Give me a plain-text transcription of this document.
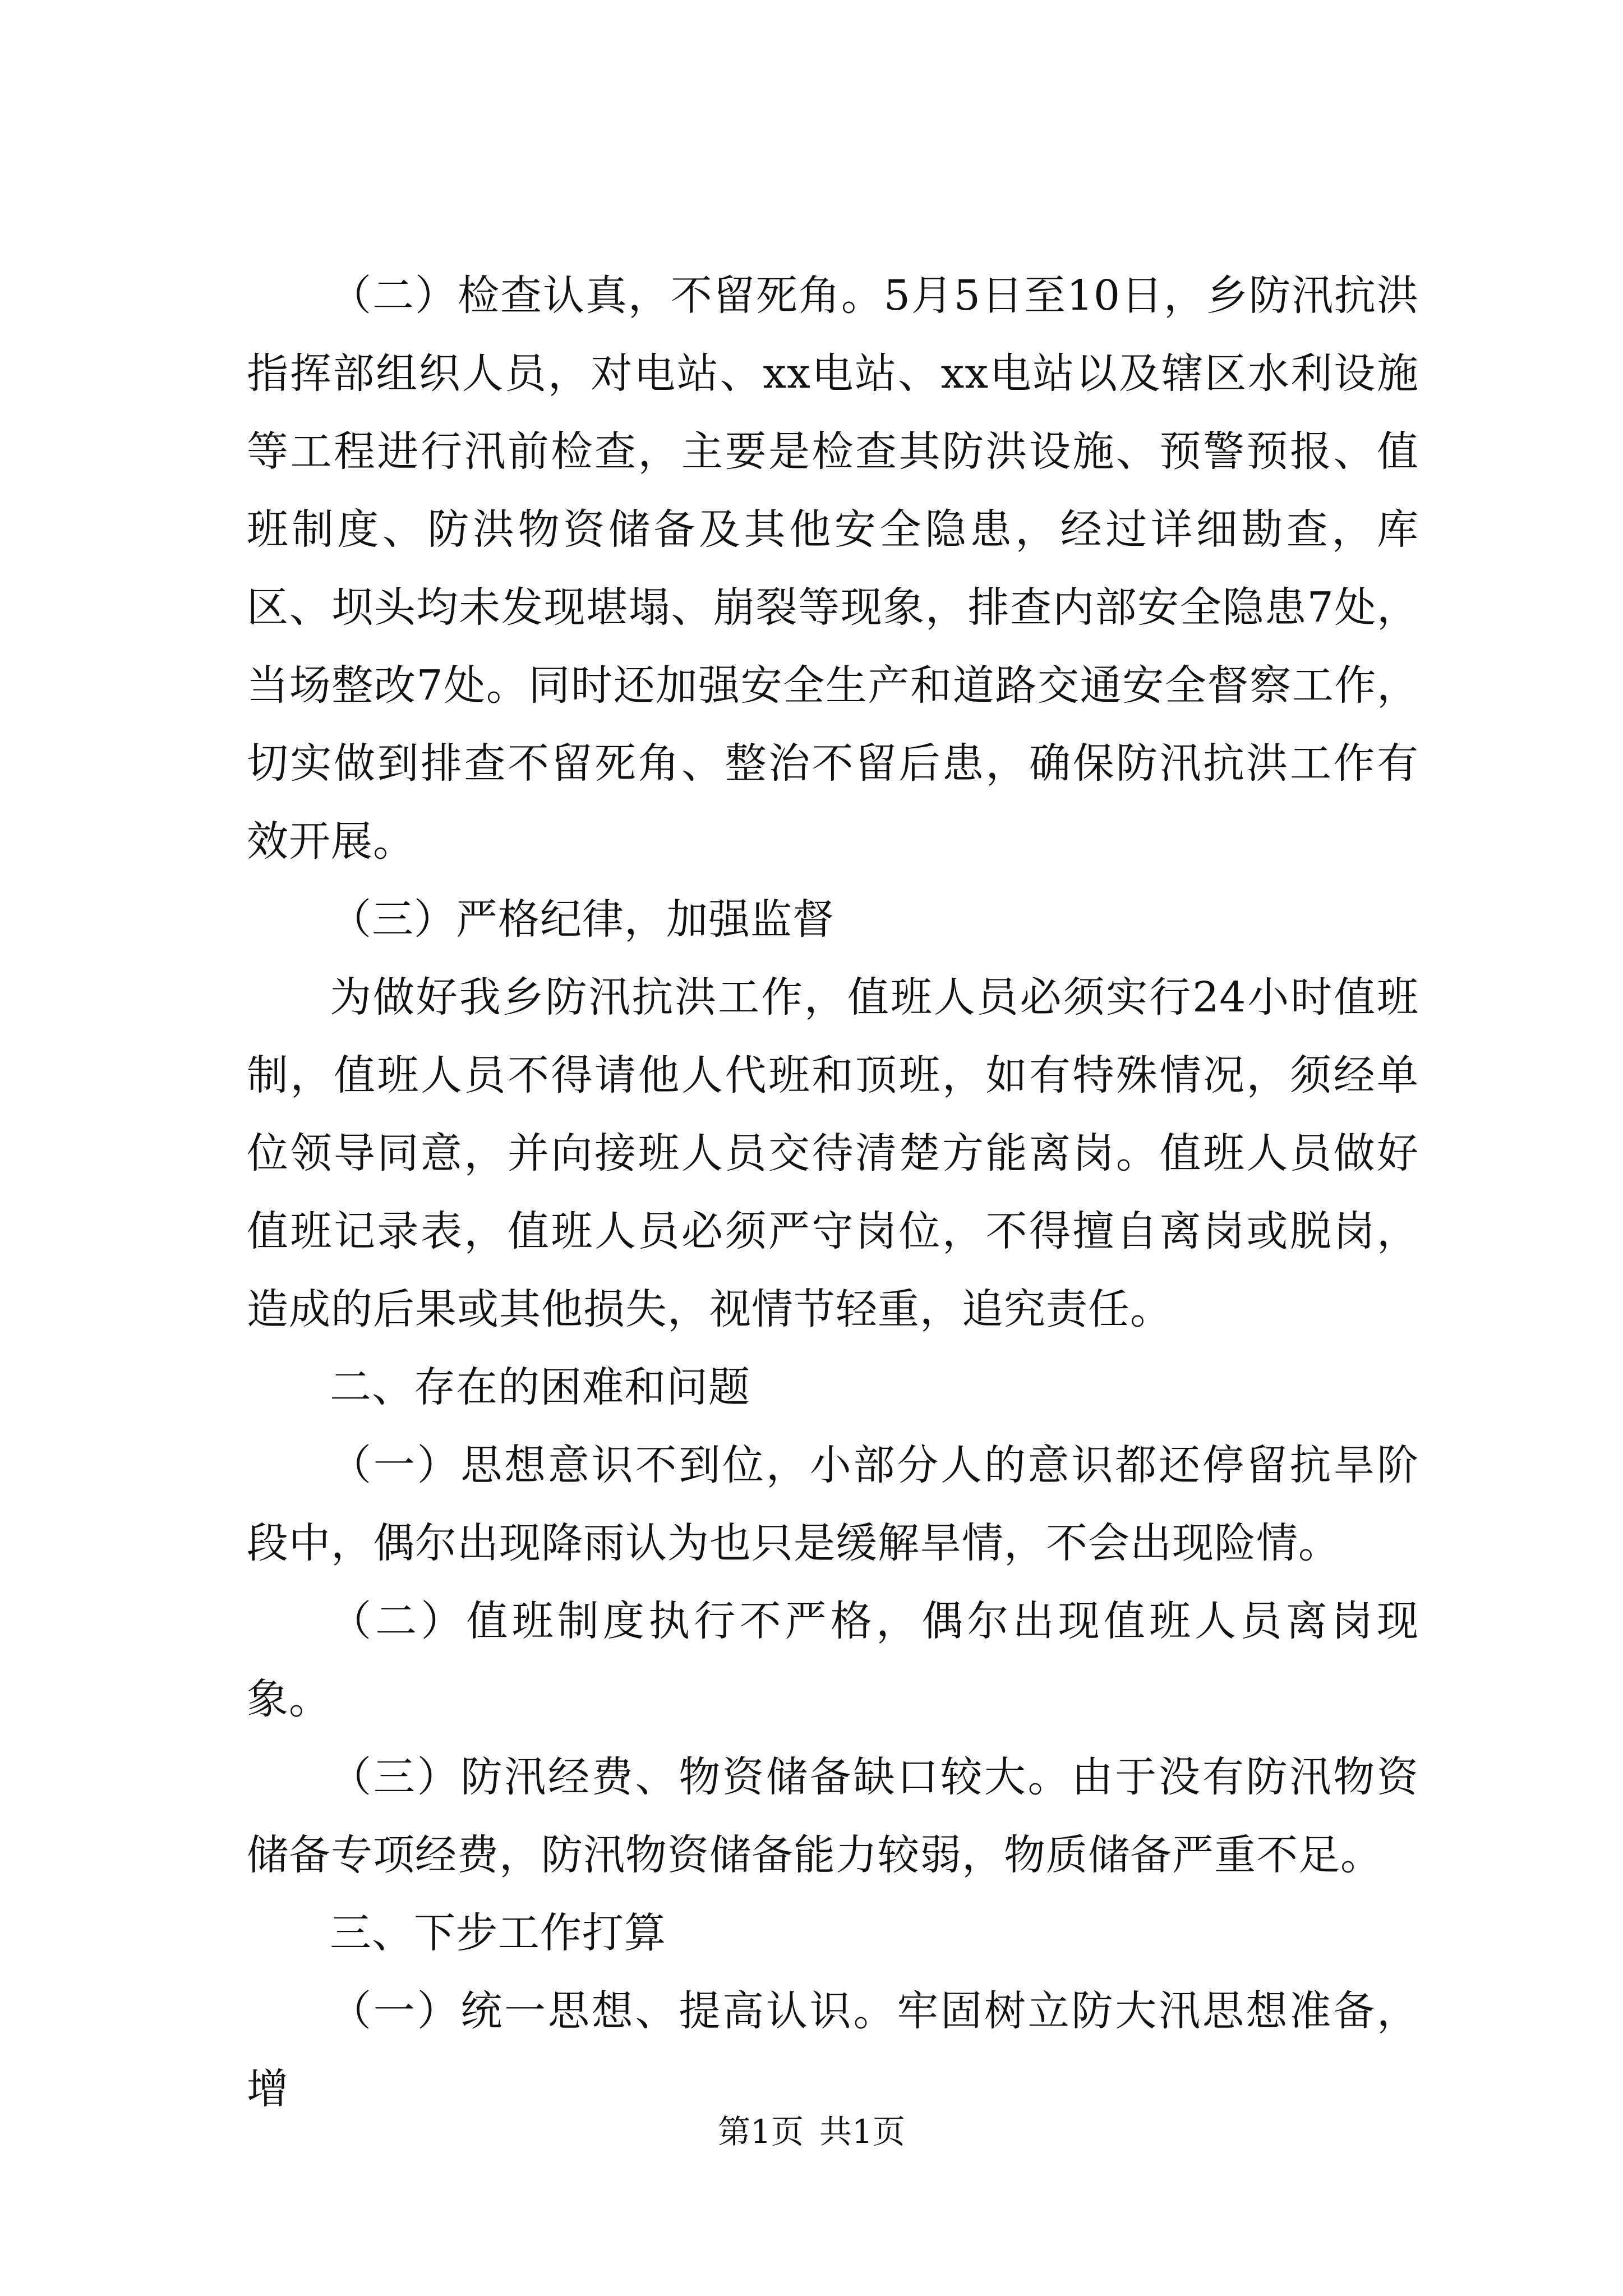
（二）检查认真，不留死角。5月5日至10日，乡防汛抗洪指挥部组织人员，对电站、xx电站、xx电站以及辖区水利设施等工程进行汛前检查，主要是检查其防洪设施、预警预报、值班制度、防洪物资储备及其他安全隐患，经过详细勘查，库区、坝头均未发现堪塌、崩裂等现象，排查内部安全隐患7处，当场整改7处。同时还加强安全生产和道路交通安全督察工作，切实做到排查不留死角、整治不留后患，确保防汛抗洪工作有效开展。

（三）严格纪律，加强监督

为做好我乡防汛抗洪工作，值班人员必须实行24小时值班制，值班人员不得请他人代班和顶班，如有特殊情况，须经单位领导同意，并向接班人员交待清楚方能离岗。值班人员做好值班记录表，值班人员必须严守岗位，不得擅自离岗或脱岗，造成的后果或其他损失，视情节轻重，追究责任。

二、存在的困难和问题

（一）思想意识不到位，小部分人的意识都还停留抗旱阶段中，偶尔出现降雨认为也只是缓解旱情，不会出现险情。

（二）值班制度执行不严格，偶尔出现值班人员离岗现象。

（三）防汛经费、物资储备缺口较大。由于没有防汛物资储备专项经费，防汛物资储备能力较弱，物质储备严重不足。

三、下步工作打算

（一）统一思想、提高认识。牢固树立防大汛思想准备，增

第1页 共1页
